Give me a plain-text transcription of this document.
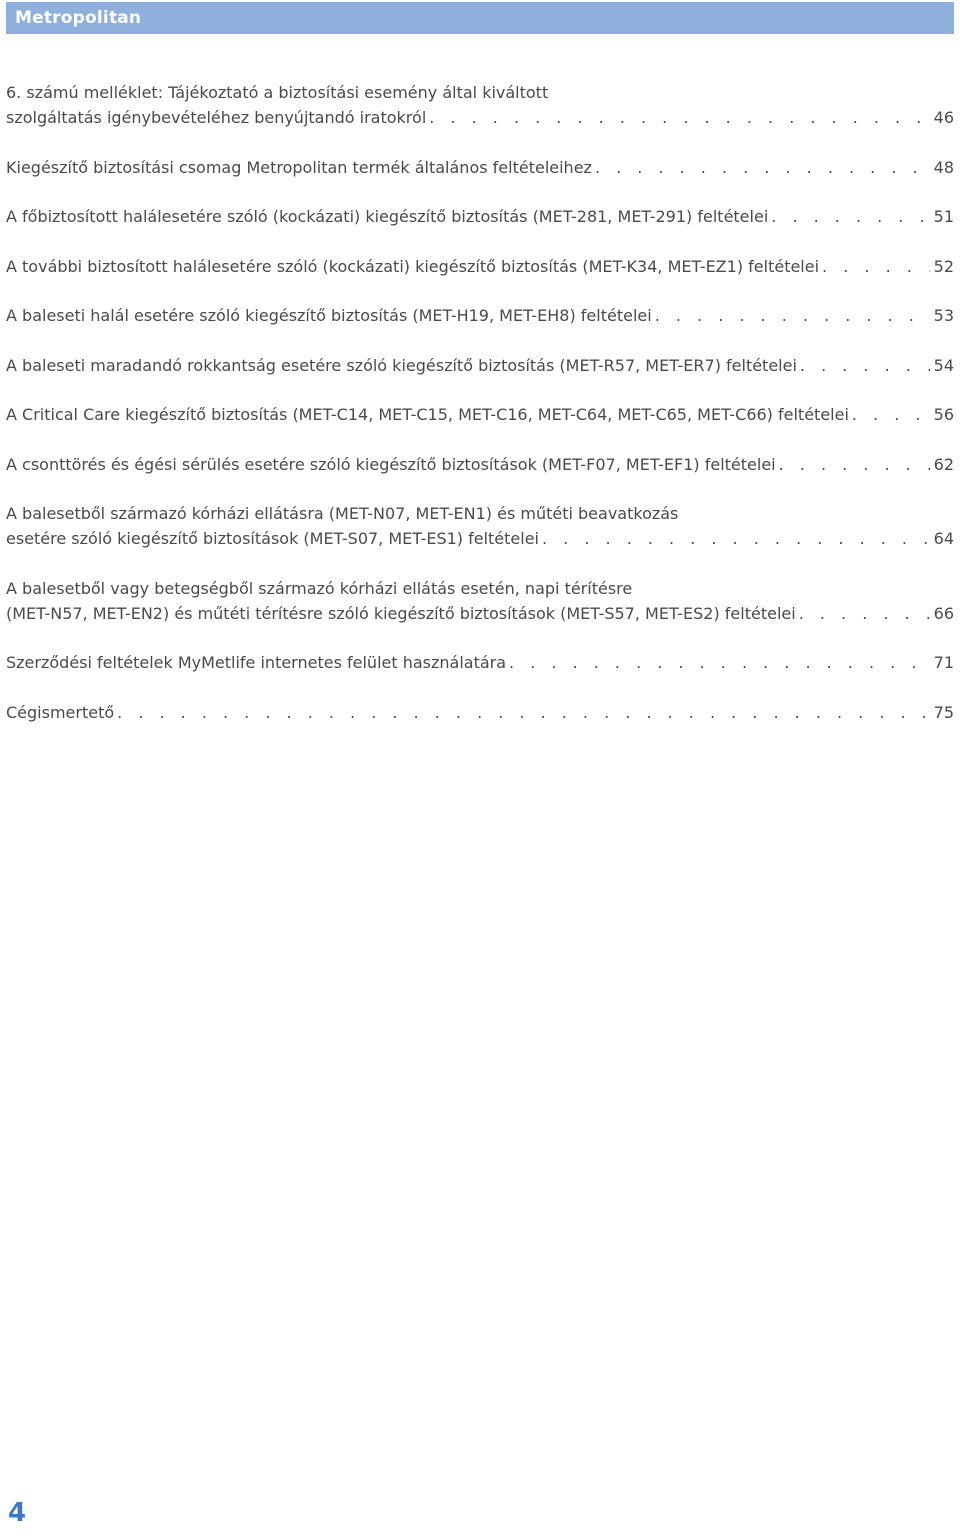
Metropolitan
6. számú melléklet: Tájékoztató a biztosítási esemény által kiváltott
szolgáltatás igénybevételéhez benyújtandó iratokról . . .	46
Kiegészítő biztosítási csomag Metropolitan termék általános feltételeihez . . .	48
A főbiztosított halálesetére szóló (kockázati) kiegészítő biztosítás (MET-281, MET-291) feltételei . . .	51
A további biztosított halálesetére szóló (kockázati) kiegészítő biztosítás (MET-K34, MET-EZ1) feltételei . . .	52
A baleseti halál esetére szóló kiegészítő biztosítás (MET-H19, MET-EH8) feltételei . . .	53
A baleseti maradandó rokkantság esetére szóló kiegészítő biztosítás (MET-R57, MET-ER7) feltételei . . .	54
A Critical Care kiegészítő biztosítás (MET-C14, MET-C15, MET-C16, MET-C64, MET-C65, MET-C66) feltételei . . .	56
A csonttörés és égési sérülés esetére szóló kiegészítő biztosítások (MET-F07, MET-EF1) feltételei . . .	62
A balesetből származó kórházi ellátásra (MET-N07, MET-EN1) és műtéti beavatkozás
esetére szóló kiegészítő biztosítások (MET-S07, MET-ES1) feltételei . . .	64
A balesetből vagy betegségből származó kórházi ellátás esetén, napi térítésre
(MET-N57, MET-EN2) és műtéti térítésre szóló kiegészítő biztosítások (MET-S57, MET-ES2) feltételei . . .	66
Szerződési feltételek MyMetlife internetes felület használatára . . .	71
Cégismertető . . .	75
4
